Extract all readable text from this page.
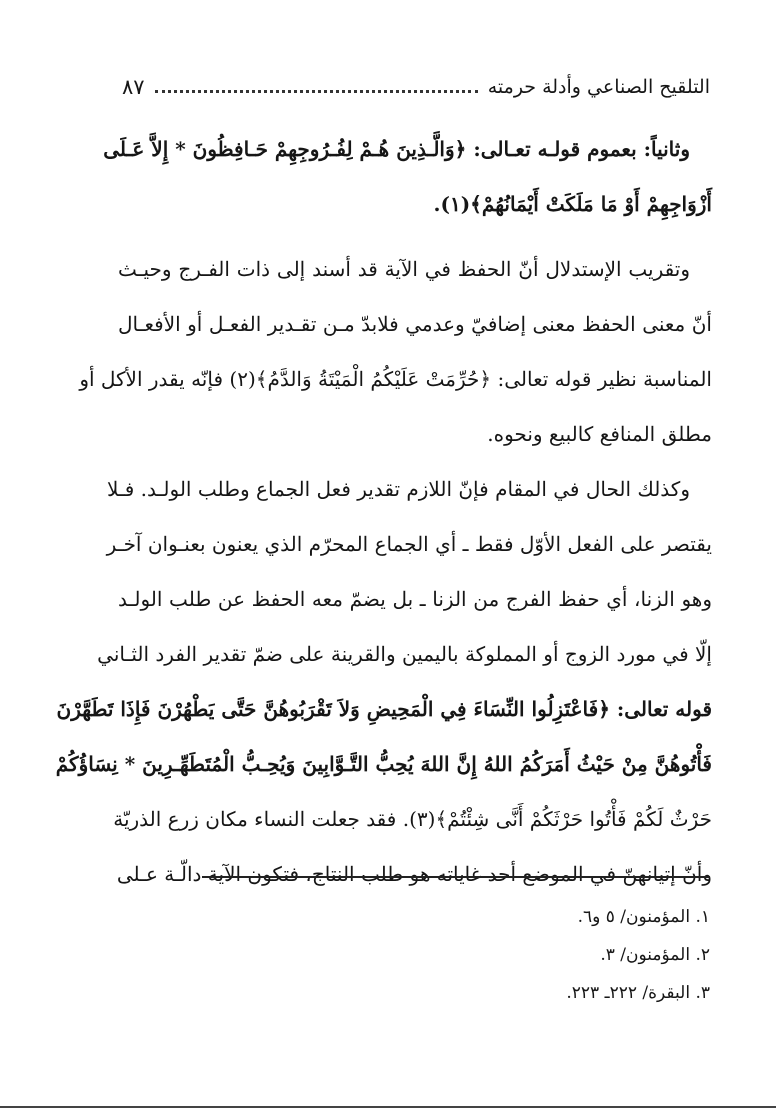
التلقيح الصناعي وأدلة حرمته
٨٧
وثانياً: بعموم قولـه تعـالى: ﴿وَالَّـذِينَ هُـمْ لِفُـرُوجِهِمْ حَـافِظُونَ * إِلاَّ عَـلَى
أَزْوَاجِهِمْ أَوْ مَا مَلَكَتْ أَيْمَانُهُمْ﴾(١).
وتقريب الإستدلال أنّ الحفظ في الآية قد أسند إلى ذات الفـرج وحيـث
أنّ معنى الحفظ معنى إضافيّ وعدمي فلابدّ مـن تقـدير الفعـل أو الأفعـال
المناسبة نظير قوله تعالى: ﴿حُرِّمَتْ عَلَيْكُمُ الْمَيْتَةُ وَالدَّمُ﴾(٢) فإنّه يقدر الأكل أو
مطلق المنافع كالبيع ونحوه.
وكذلك الحال في المقام فإنّ اللازم تقدير فعل الجماع وطلب الولـد. فـلا
يقتصر على الفعل الأوّل فقط ـ أي الجماع المحرّم الذي يعنون بعنـوان آخـر
وهو الزنا، أي حفظ الفرج من الزنا ـ بل يضمّ معه الحفظ عن طلب الولـد
إلّا في مورد الزوج أو المملوكة باليمين والقرينة على ضمّ تقدير الفرد الثـاني
قوله تعالى: ﴿فَاعْتَزِلُوا النِّسَاءَ فِي الْمَحِيضِ وَلاَ تَقْرَبُوهُنَّ حَتَّى يَطْهُرْنَ فَإِذَا تَطَهَّرْنَ
فَأْتُوهُنَّ مِنْ حَيْثُ أَمَرَكُمُ اللهُ إِنَّ اللهَ يُحِبُّ التَّـوَّابِينَ وَيُحِـبُّ الْمُتَطَهِّـرِينَ * نِسَاؤُكُمْ
حَرْثٌ لَكُمْ فَأْتُوا حَرْثَكُمْ أَنَّى شِئْتُمْ﴾(٣). فقد جعلت النساء مكان زرع الذريّة
وأنّ إتيانهنّ في الموضع أحد غاياته هو طلب النتاج، فتكون الآية دالّـة عـلى
١. المؤمنون/ ٥ و٦.
٢. المؤمنون/ ٣.
٣. البقرة/ ٢٢٢ـ ٢٢٣.
